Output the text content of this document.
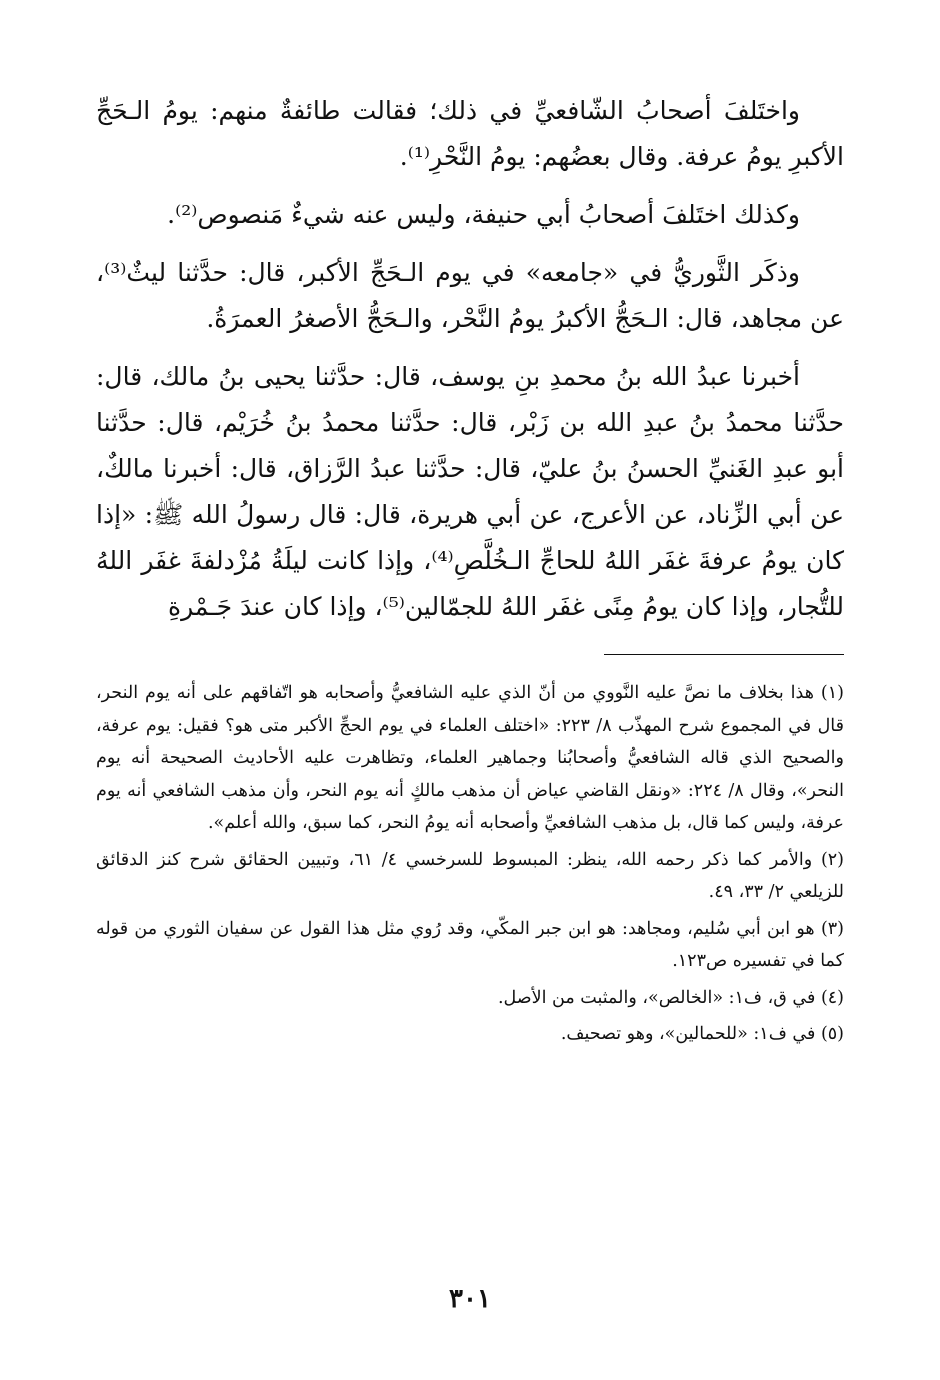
واختَلفَ أصحابُ الشّافعيِّ في ذلك؛ فقالت طائفةٌ منهم: يومُ الـحَجِّ الأكبرِ يومُ عرفة. وقال بعضُهم: يومُ النَّحْرِ⁽¹⁾.

وكذلك اختَلفَ أصحابُ أبي حنيفة، وليس عنه شيءٌ مَنصوص⁽²⁾.

وذكَر الثَّوريُّ في «جامعه» في يوم الـحَجِّ الأكبر، قال: حدَّثنا ليثٌ⁽³⁾، عن مجاهد، قال: الـحَجُّ الأكبرُ يومُ النَّحْر، والـحَجُّ الأصغرُ العمرَةُ.

أخبرنا عبدُ الله بنُ محمدِ بنِ يوسف، قال: حدَّثنا يحيى بنُ مالك، قال: حدَّثنا محمدُ بنُ عبدِ الله بن زَبْر، قال: حدَّثنا محمدُ بنُ خُرَيْم، قال: حدَّثنا أبو عبدِ الغَنيِّ الحسنُ بنُ عليّ، قال: حدَّثنا عبدُ الرَّزاق، قال: أخبرنا مالكٌ، عن أبي الزِّناد، عن الأعرج، عن أبي هريرة، قال: قال رسولُ الله ﷺ: «إذا كان يومُ عرفةَ غفَر اللهُ للحاجِّ الـخُلَّصِ⁽⁴⁾، وإذا كانت ليلَةُ مُزْدلفةَ غفَر اللهُ للتُّجار، وإذا كان يومُ مِنًى غفَر اللهُ للجمّالين⁽⁵⁾، وإذا كان عندَ جَـمْرةِ

(١) هذا بخلاف ما نصَّ عليه النَّووي من أنّ الذي عليه الشافعيُّ وأصحابه هو اتّفاقهم على أنه يوم النحر، قال في المجموع شرح المهذّب ٨/ ٢٢٣: «اختلف العلماء في يوم الحجِّ الأكبر متى هو؟ فقيل: يوم عرفة، والصحيح الذي قاله الشافعيُّ وأصحابُنا وجماهير العلماء، وتظاهرت عليه الأحاديث الصحيحة أنه يوم النحر»، وقال ٨/ ٢٢٤: «ونقل القاضي عياض أن مذهب مالكٍ أنه يوم النحر، وأن مذهب الشافعي أنه يوم عرفة، وليس كما قال، بل مذهب الشافعيِّ وأصحابه أنه يومُ النحر، كما سبق، والله أعلم».
(٢) والأمر كما ذكر رحمه الله، ينظر: المبسوط للسرخسي ٤/ ٦١، وتبيين الحقائق شرح كنز الدقائق للزيلعي ٢/ ٣٣، ٤٩.
(٣) هو ابن أبي سُليم، ومجاهد: هو ابن جبر المكّي، وقد رُوي مثل هذا القول عن سفيان الثوري من قوله كما في تفسيره ص١٢٣.
(٤) في ق، ف١: «الخالص»، والمثبت من الأصل.
(٥) في ف١: «للحمالين»، وهو تصحيف.
٣٠١
